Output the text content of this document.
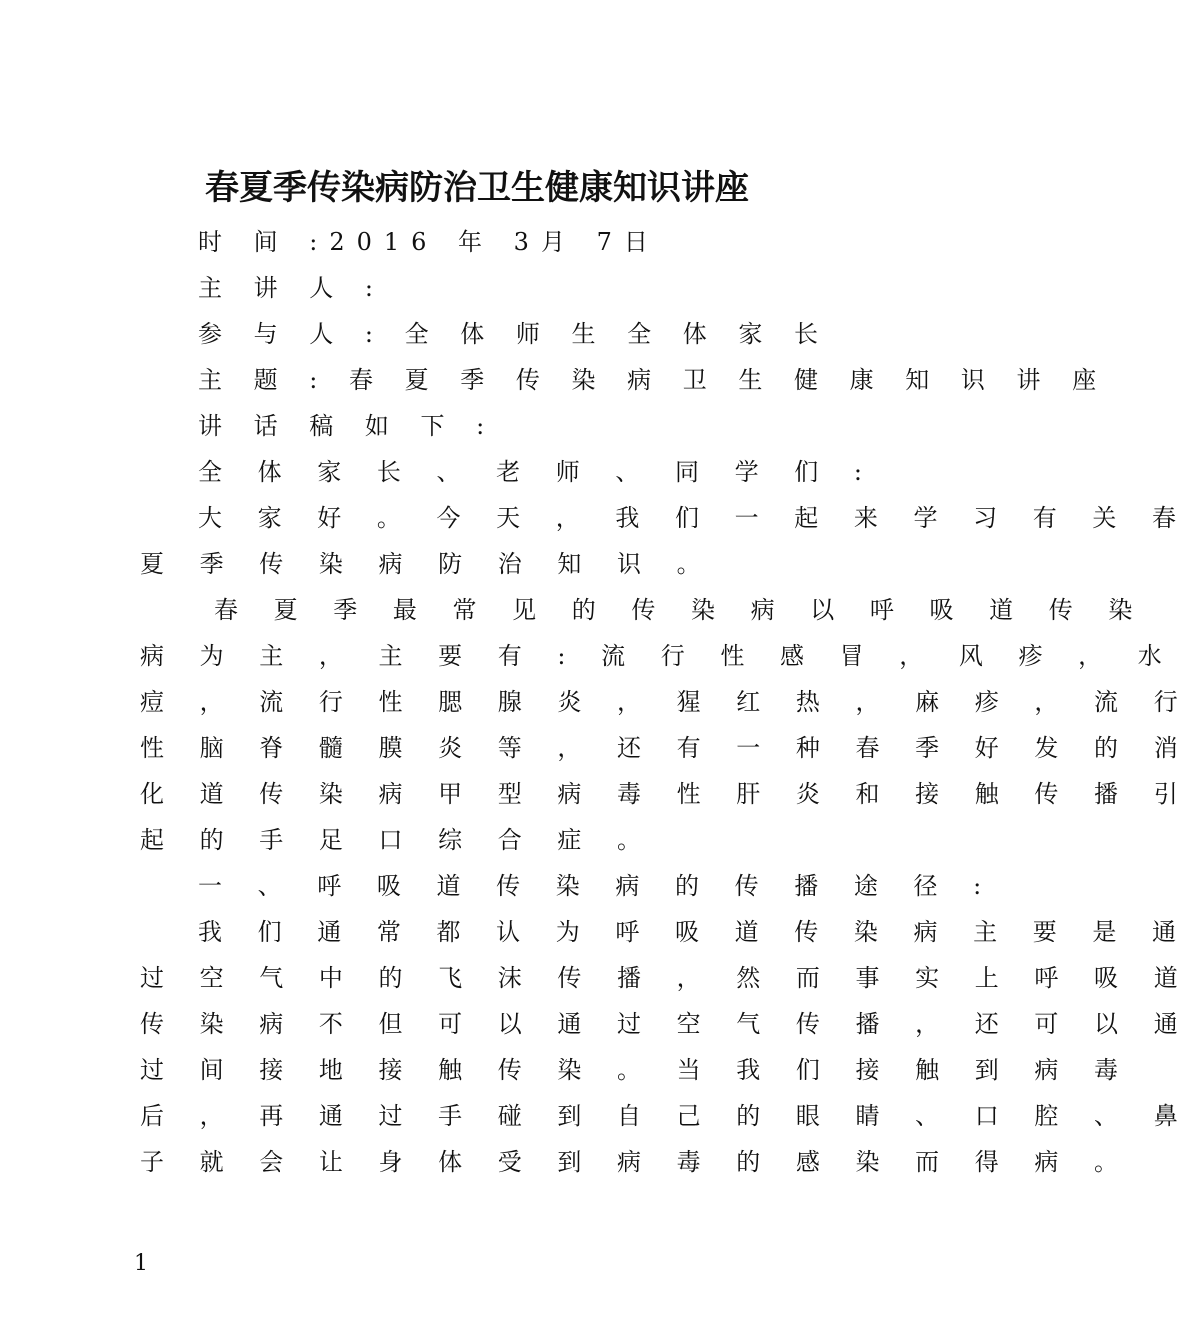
春夏季传染病防治卫生健康知识讲座
时 间 :2016 年 3月 7日
主 讲 人 :
参 与 人 : 全 体 师 生 全 体 家 长
主 题 : 春 夏 季 传 染 病 卫 生 健 康 知 识 讲 座
讲 话 稿 如 下 :
全 体 家 长 、 老 师 、 同 学 们 :
大 家 好 。 今 天 ， 我 们 一 起 来 学 习 有 关 春
夏 季 传 染 病 防 治 知 识 。
春 夏 季 最 常 见 的 传 染 病 以 呼 吸 道 传 染
病 为 主 ， 主 要 有 : 流 行 性 感 冒 ， 风 疹 ， 水
痘 ， 流 行 性 腮 腺 炎 ， 猩 红 热 ， 麻 疹 ， 流 行
性 脑 脊 髓 膜 炎 等 ， 还 有 一 种 春 季 好 发 的 消
化 道 传 染 病 甲 型 病 毒 性 肝 炎 和 接 触 传 播 引
起 的 手 足 口 综 合 症 。
一 、 呼 吸 道 传 染 病 的 传 播 途 径 :
我 们 通 常 都 认 为 呼 吸 道 传 染 病 主 要 是 通
过 空 气 中 的 飞 沫 传 播 ， 然 而 事 实 上 呼 吸 道
传 染 病 不 但 可 以 通 过 空 气 传 播 ， 还 可 以 通
过 间 接 地 接 触 传 染 。 当 我 们 接 触 到 病 毒
后 ， 再 通 过 手 碰 到 自 己 的 眼 睛 、 口 腔 、 鼻
子 就 会 让 身 体 受 到 病 毒 的 感 染 而 得 病 。
1
